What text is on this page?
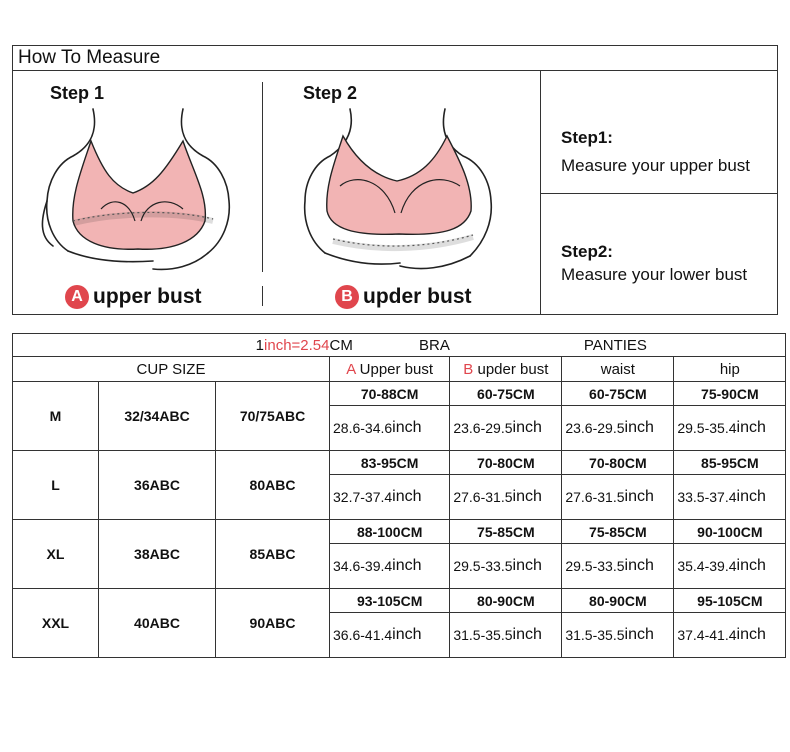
How To Measure
Step 1
A upper bust
Step 2
B upder bust
Step1:
Measure your upper bust
Step2:
Measure your lower bust
1inch=2.54			CM BRA		PANTIES	
CUP SIZE			A Upper bust	B upder bust	waist	hip
M	32/34ABC	70/75ABC	70-88CM	60-75CM	60-75CM	75-90CM

			28.6-34.6 inch	23.6-29.5 inch	23.6-29.5 inch	29.5-35.4 inch

L	36ABC	80ABC	83-95CM	70-80CM	70-80CM	85-95CM

			32.7-37.4 inch	27.6-31.5 inch	27.6-31.5 inch	33.5-37.4 inch

XL	38ABC	85ABC	88-100CM	75-85CM	75-85CM	90-100CM

			34.6-39.4 inch	29.5-33.5 inch	29.5-33.5 inch	35.4-39.4 inch

XXL	40ABC	90ABC	93-105CM	80-90CM	80-90CM	95-105CM

			36.6-41.4 inch	31.5-35.5 inch	31.5-35.5 inch	37.4-41.4 inch
